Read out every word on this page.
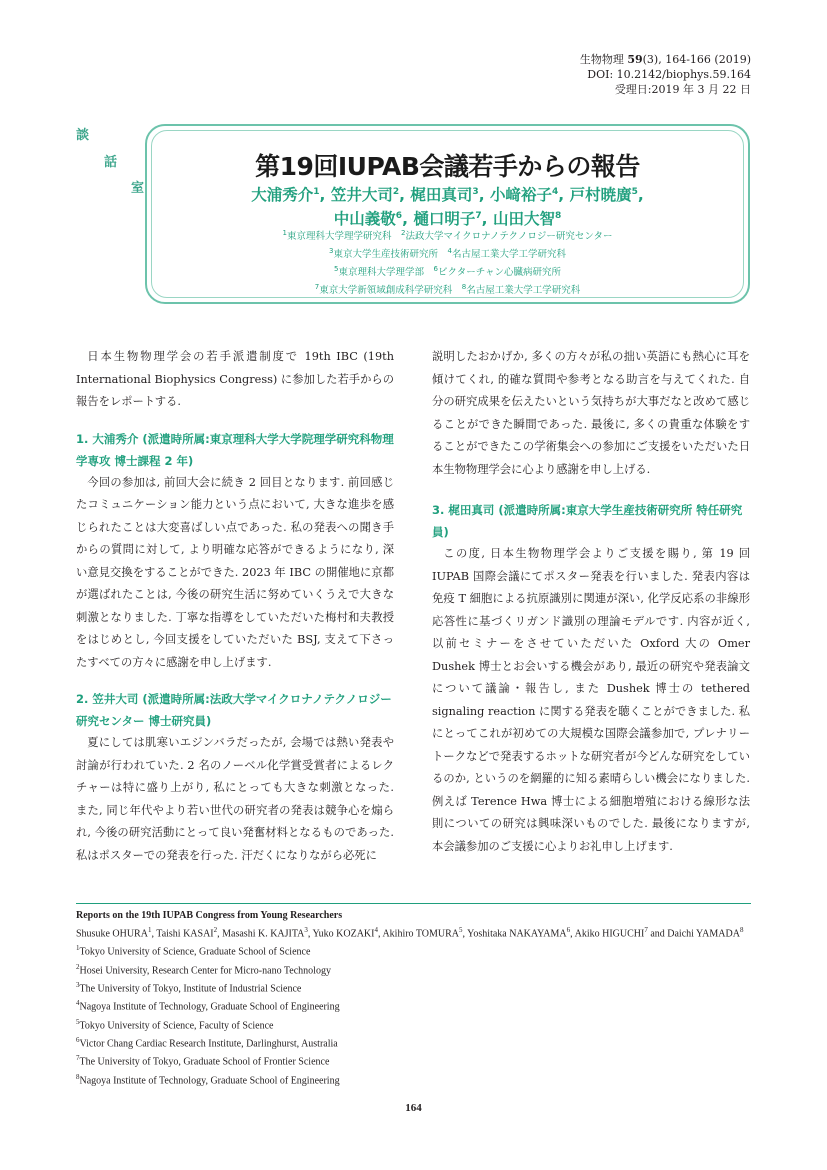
生物物理 59(3), 164-166 (2019)
DOI: 10.2142/biophys.59.164
受理日:2019 年 3 月 22 日
談
話
室
第19回IUPAB会議若手からの報告
大浦秀介$^1$, 笠井大司$^2$, 梶田真司$^3$, 小﨑裕子$^4$, 戸村暁廣$^5$,
中山義敬$^6$, 樋口明子$^7$, 山田大智$^8$
$^1$東京理科大学理学研究科　 $^2$法政大学マイクロナノテクノロジー研究センター
$^3$東京大学生産技術研究所　 $^4$名古屋工業大学工学研究科
$^5$東京理科大学理学部　 $^6$ビクターチャン心臓病研究所
$^7$東京大学新領域創成科学研究科　 $^8$名古屋工業大学工学研究科

日本生物物理学会の若手派遣制度で 19th IBC (19th International Biophysics Congress) に参加した若手からの報告をレポートする.

1. 大浦秀介 (派遣時所属:東京理科大学大学院理学研究科物理学専攻 博士課程 2 年)

今回の参加は, 前回大会に続き 2 回目となります. 前回感じたコミュニケーション能力という点において, 大きな進歩を感じられたことは大変喜ばしい点であった. 私の発表への聞き手からの質問に対して, より明確な応答ができるようになり, 深い意見交換をすることができた. 2023 年 IBC の開催地に京都が選ばれたことは, 今後の研究生活に努めていくうえで大きな刺激となりました. 丁寧な指導をしていただいた梅村和夫教授をはじめとし, 今回支援をしていただいた BSJ, 支えて下さったすべての方々に感謝を申し上げます.

2. 笠井大司 (派遣時所属:法政大学マイクロナノテクノロジー研究センター 博士研究員)

夏にしては肌寒いエジンバラだったが, 会場では熱い発表や討論が行われていた. 2 名のノーベル化学賞受賞者によるレクチャーは特に盛り上がり, 私にとっても大きな刺激となった. また, 同じ年代やより若い世代の研究者の発表は競争心を煽られ, 今後の研究活動にとって良い発奮材料となるものであった. 私はポスターでの発表を行った. 汗だくになりながら必死に

説明したおかげか, 多くの方々が私の拙い英語にも熱心に耳を傾けてくれ, 的確な質問や参考となる助言を与えてくれた. 自分の研究成果を伝えたいという気持ちが大事だなと改めて感じることができた瞬間であった. 最後に, 多くの貴重な体験をすることができたこの学術集会への参加にご支援をいただいた日本生物物理学会に心より感謝を申し上げる.

3. 梶田真司 (派遣時所属:東京大学生産技術研究所 特任研究員)

この度, 日本生物物理学会よりご支援を賜り, 第 19 回 IUPAB 国際会議にてポスター発表を行いました. 発表内容は免疫 T 細胞による抗原識別に関連が深い, 化学反応系の非線形応答性に基づくリガンド識別の理論モデルです. 内容が近く, 以前セミナーをさせていただいた Oxford 大の Omer Dushek 博士とお会いする機会があり, 最近の研究や発表論文について議論・報告し, また Dushek 博士の tethered signaling reaction に関する発表を聴くことができました. 私にとってこれが初めての大規模な国際会議参加で, プレナリートークなどで発表するホットな研究者が今どんな研究をしているのか, というのを網羅的に知る素晴らしい機会になりました. 例えば Terence Hwa 博士による細胞増殖における線形な法則についての研究は興味深いものでした. 最後になりますが, 本会議参加のご支援に心よりお礼申し上げます.

Reports on the 19th IUPAB Congress from Young Researchers
Shusuke OHURA$^1$, Taishi KASAI$^2$, Masashi K. KAJITA$^3$, Yuko KOZAKI$^4$, Akihiro TOMURA$^5$, Yoshitaka NAKAYAMA$^6$, Akiko HIGUCHI$^7$ and Daichi YAMADA$^8$
$^1$Tokyo University of Science, Graduate School of Science
$^2$Hosei University, Research Center for Micro-nano Technology
$^3$The University of Tokyo, Institute of Industrial Science
$^4$Nagoya Institute of Technology, Graduate School of Engineering
$^5$Tokyo University of Science, Faculty of Science
$^6$Victor Chang Cardiac Research Institute, Darlinghurst, Australia
$^7$The University of Tokyo, Graduate School of Frontier Science
$^8$Nagoya Institute of Technology, Graduate School of Engineering
164
